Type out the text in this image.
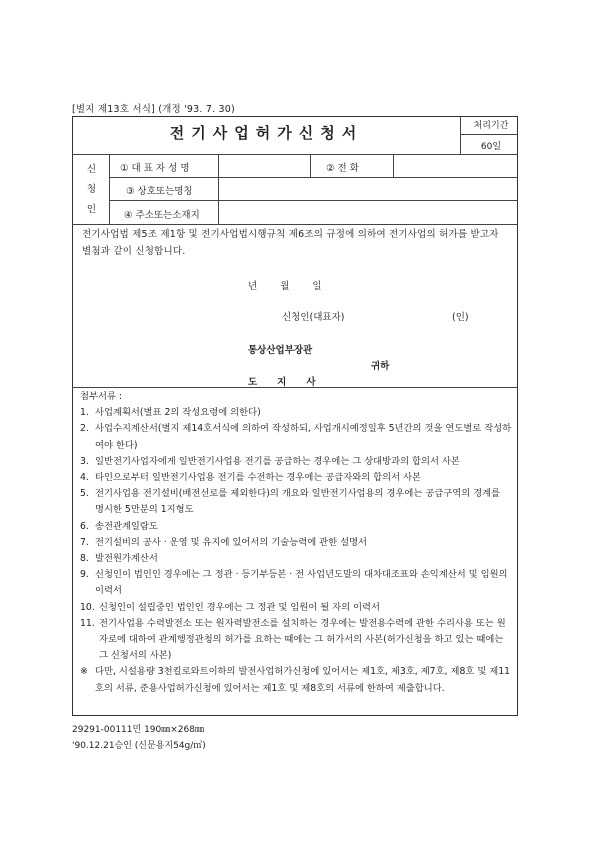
[별지 제13호 서식] (개정 '93. 7. 30)
전기사업허가신청서	처리기간
60일
신
청
인
① 대 표 자 성 명	② 전 화
③ 상호또는명칭
④ 주소또는소재지
전기사업법 제5조 제1항 및 전기사업법시행규칙 제6조의 규정에 의하여 전기사업의 허가를 받고자 별첨과 같이 신청합니다.
년 월 일
신청인(대표자)	(인)
통상산업부장관
귀하
도지사
첨부서류 :
1. 사업계획서(별표 2의 작성요령에 의한다)
2. 사업수지계산서(별지 제14호서식에 의하여 작성하되, 사업개시예정일후 5년간의 것을 연도별로 작성하여야 한다)
3. 일반전기사업자에게 일반전기사업용 전기를 공급하는 경우에는 그 상대방과의 합의서 사본
4. 타인으로부터 일반전기사업용 전기를 수전하는 경우에는 공급자와의 합의서 사본
5. 전기사업용 전기설비(배전선로를 제외한다)의 개요와 일반전기사업용의 경우에는 공급구역의 경계를 명시한 5만분의 1지형도
6. 송전관계일람도
7. 전기설비의 공사 · 운영 및 유지에 있어서의 기술능력에 관한 설명서
8. 발전원가계산서
9. 신청인이 법인인 경우에는 그 정관 · 등기부등본 · 전 사업년도말의 대차대조표와 손익계산서 및 임원의 이력서
10. 신청인이 설립중인 법인인 경우에는 그 정관 및 임원이 될 자의 이력서
11. 전기사업용 수력발전소 또는 원자력발전소를 설치하는 경우에는 발전용수력에 관한 수리사용 또는 원자로에 대하여 관계행정관청의 허가를 요하는 때에는 그 허가서의 사본(허가신청을 하고 있는 때에는 그 신청서의 사본)
※ 다만, 시설용량 3천킬로와트이하의 발전사업허가신청에 있어서는 제1호, 제3호, 제7호, 제8호 및 제11호의 서류, 준용사업허가신청에 있어서는 제1호 및 제8호의 서류에 한하여 제출합니다.
29291-00111민 190㎜×268㎜
'90.12.21승인 (신문용지54g/㎡)
